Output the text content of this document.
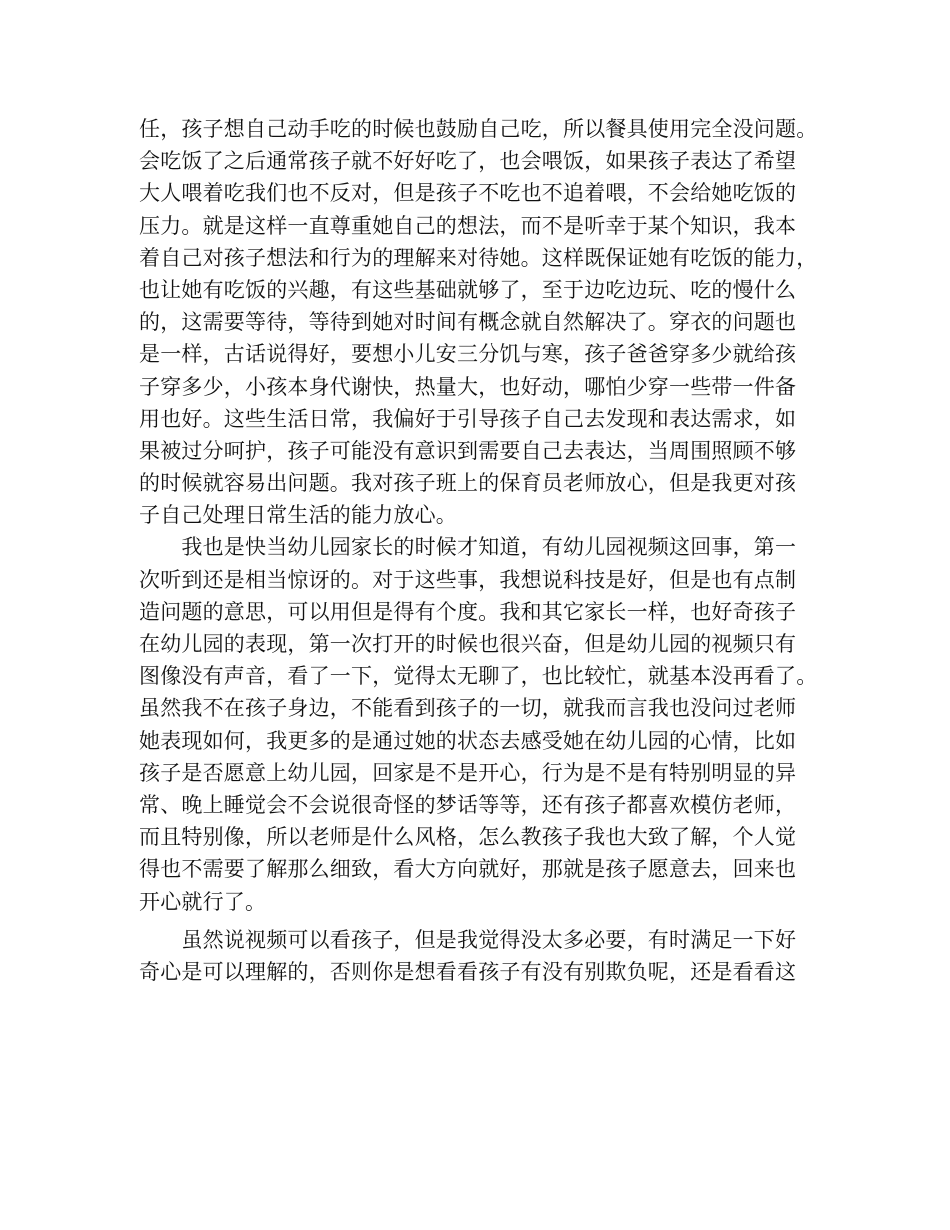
任，孩子想自己动手吃的时候也鼓励自己吃，所以餐具使用完全没问题。
会吃饭了之后通常孩子就不好好吃了，也会喂饭，如果孩子表达了希望
大人喂着吃我们也不反对，但是孩子不吃也不追着喂，不会给她吃饭的
压力。就是这样一直尊重她自己的想法，而不是听幸于某个知识，我本
着自己对孩子想法和行为的理解来对待她。这样既保证她有吃饭的能力，
也让她有吃饭的兴趣，有这些基础就够了，至于边吃边玩、吃的慢什么
的，这需要等待，等待到她对时间有概念就自然解决了。穿衣的问题也
是一样，古话说得好，要想小儿安三分饥与寒，孩子爸爸穿多少就给孩
子穿多少，小孩本身代谢快，热量大，也好动，哪怕少穿一些带一件备
用也好。这些生活日常，我偏好于引导孩子自己去发现和表达需求，如
果被过分呵护，孩子可能没有意识到需要自己去表达，当周围照顾不够
的时候就容易出问题。我对孩子班上的保育员老师放心，但是我更对孩
子自己处理日常生活的能力放心。
　　我也是快当幼儿园家长的时候才知道，有幼儿园视频这回事，第一
次听到还是相当惊讶的。对于这些事，我想说科技是好，但是也有点制
造问题的意思，可以用但是得有个度。我和其它家长一样，也好奇孩子
在幼儿园的表现，第一次打开的时候也很兴奋，但是幼儿园的视频只有
图像没有声音，看了一下，觉得太无聊了，也比较忙，就基本没再看了。
虽然我不在孩子身边，不能看到孩子的一切，就我而言我也没问过老师
她表现如何，我更多的是通过她的状态去感受她在幼儿园的心情，比如
孩子是否愿意上幼儿园，回家是不是开心，行为是不是有特别明显的异
常、晚上睡觉会不会说很奇怪的梦话等等，还有孩子都喜欢模仿老师，
而且特别像，所以老师是什么风格，怎么教孩子我也大致了解，个人觉
得也不需要了解那么细致，看大方向就好，那就是孩子愿意去，回来也
开心就行了。
　　虽然说视频可以看孩子，但是我觉得没太多必要，有时满足一下好
奇心是可以理解的，否则你是想看看孩子有没有别欺负呢，还是看看这
